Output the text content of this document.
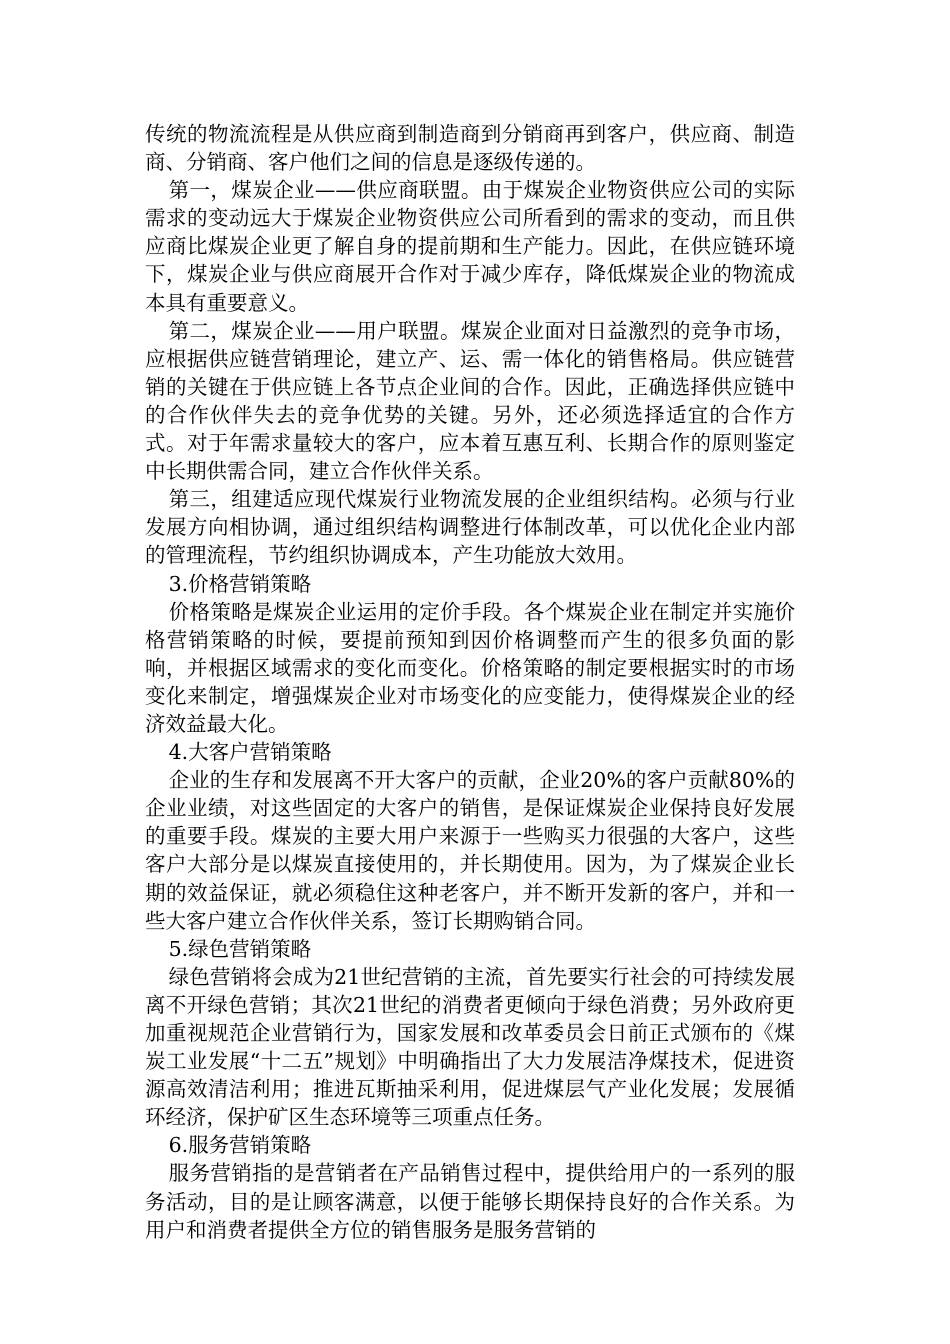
传统的物流流程是从供应商到制造商到分销商再到客户，供应商、制造商、分销商、客户他们之间的信息是逐级传递的。

第一，煤炭企业——供应商联盟。由于煤炭企业物资供应公司的实际需求的变动远大于煤炭企业物资供应公司所看到的需求的变动，而且供应商比煤炭企业更了解自身的提前期和生产能力。因此，在供应链环境下，煤炭企业与供应商展开合作对于减少库存，降低煤炭企业的物流成本具有重要意义。

第二，煤炭企业——用户联盟。煤炭企业面对日益激烈的竞争市场，应根据供应链营销理论，建立产、运、需一体化的销售格局。供应链营销的关键在于供应链上各节点企业间的合作。因此，正确选择供应链中的合作伙伴失去的竞争优势的关键。另外，还必须选择适宜的合作方式。对于年需求量较大的客户，应本着互惠互利、长期合作的原则鉴定中长期供需合同，建立合作伙伴关系。

第三，组建适应现代煤炭行业物流发展的企业组织结构。必须与行业发展方向相协调，通过组织结构调整进行体制改革，可以优化企业内部的管理流程，节约组织协调成本，产生功能放大效用。

3.价格营销策略

价格策略是煤炭企业运用的定价手段。各个煤炭企业在制定并实施价格营销策略的时候，要提前预知到因价格调整而产生的很多负面的影响，并根据区域需求的变化而变化。价格策略的制定要根据实时的市场变化来制定，增强煤炭企业对市场变化的应变能力，使得煤炭企业的经济效益最大化。

4.大客户营销策略

企业的生存和发展离不开大客户的贡献，企业20%的客户贡献80%的企业业绩，对这些固定的大客户的销售，是保证煤炭企业保持良好发展的重要手段。煤炭的主要大用户来源于一些购买力很强的大客户，这些客户大部分是以煤炭直接使用的，并长期使用。因为，为了煤炭企业长期的效益保证，就必须稳住这种老客户，并不断开发新的客户，并和一些大客户建立合作伙伴关系，签订长期购销合同。

5.绿色营销策略

绿色营销将会成为21世纪营销的主流，首先要实行社会的可持续发展离不开绿色营销；其次21世纪的消费者更倾向于绿色消费；另外政府更加重视规范企业营销行为，国家发展和改革委员会日前正式颁布的《煤炭工业发展“十二五”规划》中明确指出了大力发展洁净煤技术，促进资源高效清洁利用；推进瓦斯抽采利用，促进煤层气产业化发展；发展循环经济，保护矿区生态环境等三项重点任务。

6.服务营销策略

服务营销指的是营销者在产品销售过程中，提供给用户的一系列的服务活动，目的是让顾客满意，以便于能够长期保持良好的合作关系。为用户和消费者提供全方位的销售服务是服务营销的
